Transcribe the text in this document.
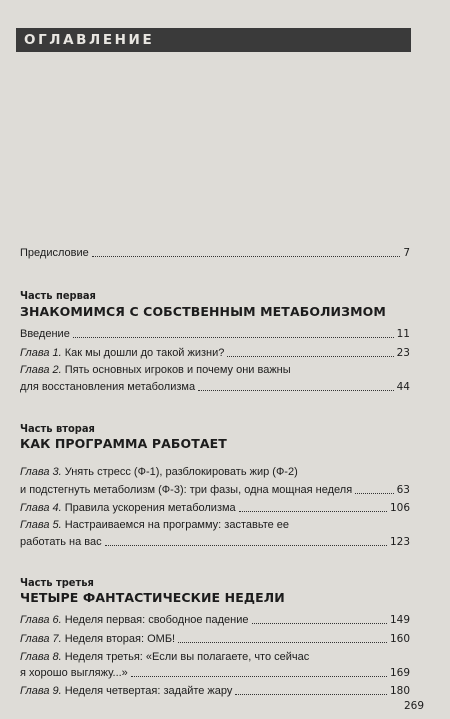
ОГЛАВЛЕНИЕ
Предисловие	7
Часть первая
ЗНАКОМИМСЯ С СОБСТВЕННЫМ МЕТАБОЛИЗМОМ
Введение	11
Глава 1. Как мы дошли до такой жизни?	23
Глава 2. Пять основных игроков и почему они важны
для восстановления метаболизма	44
Часть вторая
КАК ПРОГРАММА РАБОТАЕТ
Глава 3. Унять стресс (Ф-1), разблокировать жир (Ф-2)
и подстегнуть метаболизм (Ф-3): три фазы, одна мощная неделя	63
Глава 4. Правила ускорения метаболизма	106
Глава 5. Настраиваемся на программу: заставьте ее
работать на вас	123
Часть третья
ЧЕТЫРЕ ФАНТАСТИЧЕСКИЕ НЕДЕЛИ
Глава 6. Неделя первая: свободное падение	149
Глава 7. Неделя вторая: ОМБ!	160
Глава 8. Неделя третья: «Если вы полагаете, что сейчас
я хорошо выгляжу...»	169
Глава 9. Неделя четвертая: задайте жару	180
269
